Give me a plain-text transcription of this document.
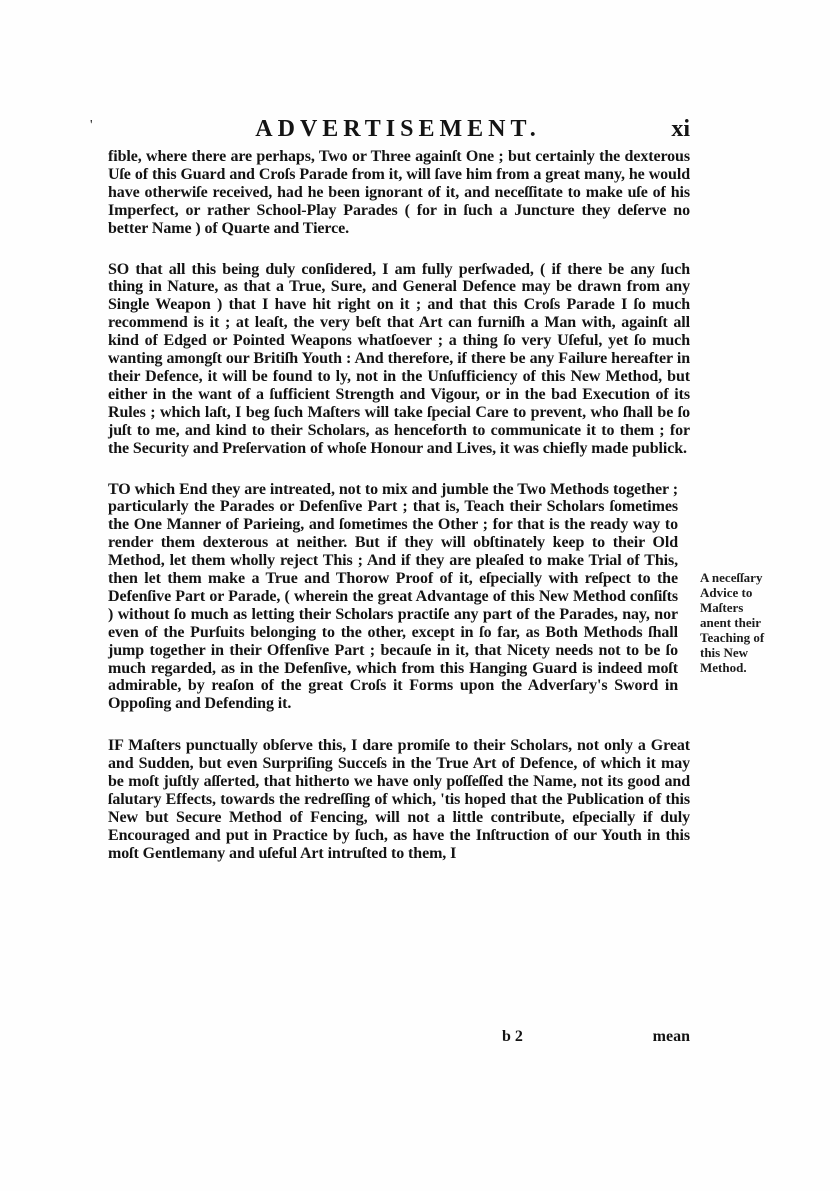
'	ADVERTISEMENT.	xi

fible, where there are perhaps, Two or Three againſt One ; but certainly the dexterous Uſe of this Guard and Croſs Parade from it, will ſave him from a great many, he would have otherwiſe received, had he been ignorant of it, and neceſſitate to make uſe of his Imperfect, or rather School-Play Parades ( for in ſuch a Juncture they deſerve no better Name ) of Quarte and Tierce.

SO that all this being duly conſidered, I am fully perſwaded, ( if there be any ſuch thing in Nature, as that a True, Sure, and General Defence may be drawn from any Single Weapon ) that I have hit right on it ; and that this Croſs Parade I ſo much recommend is it ; at leaſt, the very beſt that Art can furniſh a Man with, againſt all kind of Edged or Pointed Weapons whatſoever ; a thing ſo very Uſeful, yet ſo much wanting amongſt our Britiſh Youth : And therefore, if there be any Failure hereafter in their Defence, it will be found to ly, not in the Unſufficiency of this New Method, but either in the want of a ſufficient Strength and Vigour, or in the bad Execution of its Rules ; which laſt, I beg ſuch Maſters will take ſpecial Care to prevent, who ſhall be ſo juſt to me, and kind to their Scholars, as henceforth to communicate it to them ; for the Security and Preſervation of whoſe Honour and Lives, it was chiefly made publick.

TO which End they are intreated, not to mix and jumble the Two Methods together ; particularly the Parades or Defenſive Part ; that is, Teach their Scholars ſometimes the One Manner of Parieing, and ſometimes the Other ; for that is the ready way to render them dexterous at neither. But if they will obſtinately keep to their Old Method, let them wholly reject This ; And if they are pleaſed to make Trial of This, then let them make a True and Thorow Proof of it, eſpecially with reſpect to the Defenſive Part or Parade, ( wherein the great Advantage of this New Method conſiſts ) without ſo much as letting their Scholars practiſe any part of the Parades, nay, nor even of the Purſuits belonging to the other, except in ſo far, as Both Methods ſhall jump together in their Offenſive Part ; becauſe in it, that Nicety needs not to be ſo much regarded, as in the Defenſive, which from this Hanging Guard is indeed moſt admirable, by reaſon of the great Croſs it Forms upon the Adverſary's Sword in Oppoſing and Defending it.

IF Maſters punctually obſerve this, I dare promiſe to their Scholars, not only a Great and Sudden, but even Surpriſing Succeſs in the True Art of Defence, of which it may be moſt juſtly aſſerted, that hitherto we have only poſſeſſed the Name, not its good and ſalutary Effects, towards the redreſſing of which, 'tis hoped that the Publication of this New but Secure Method of Fencing, will not a little contribute, eſpecially if duly Encouraged and put in Practice by ſuch, as have the Inſtruction of our Youth in this moſt Gentlemany and uſeful Art intruſted to them, I

A neceſſary Advice to Maſters anent their Teaching of this New Method.
b 2	mean
